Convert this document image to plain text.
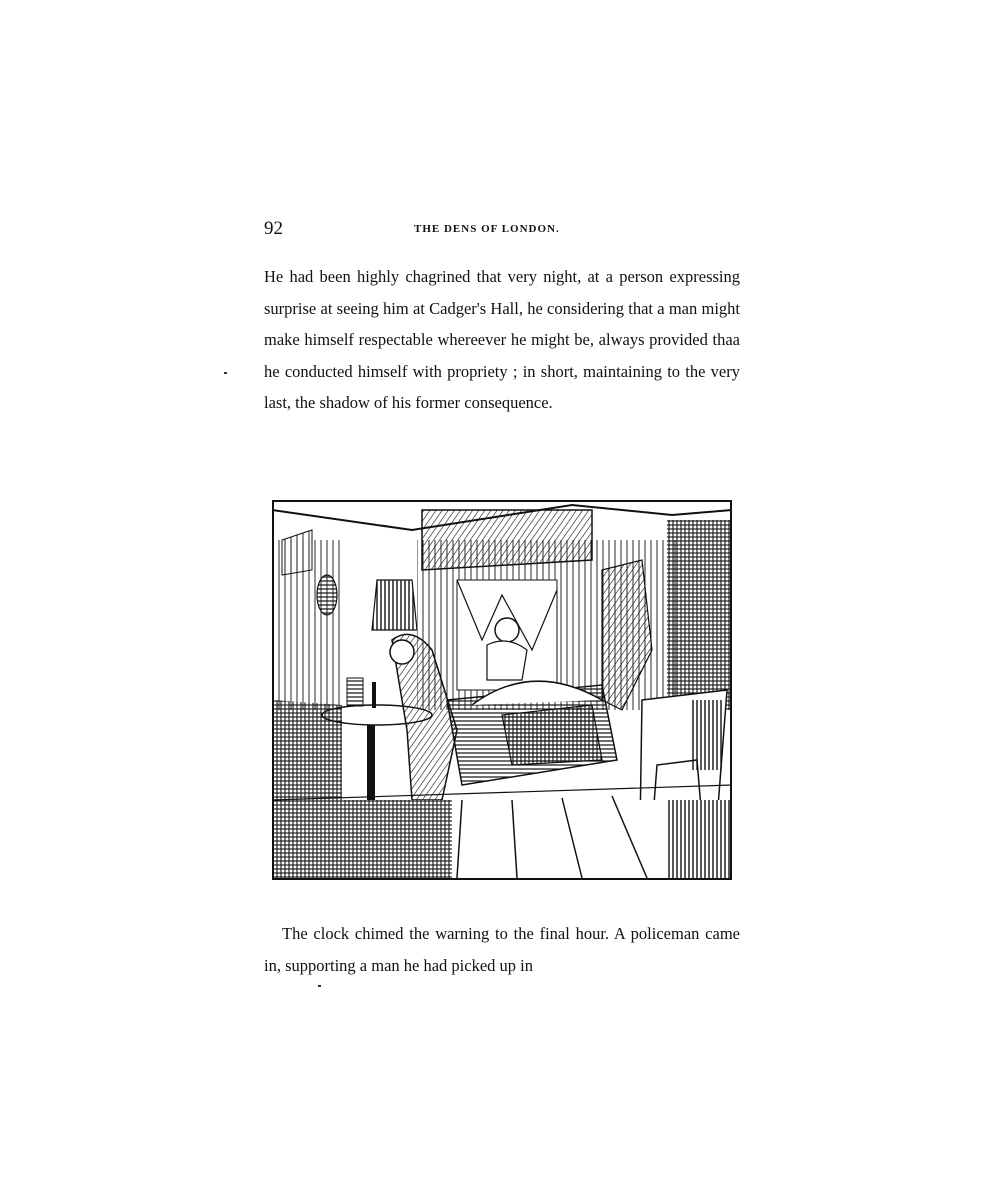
92	THE DENS OF LONDON.

He had been highly chagrined that very night, at a person expressing surprise at seeing him at Cadger's Hall, he considering that a man might make himself respectable whereever he might be, always provided thaa he conducted himself with propriety ; in short, maintaining to the very last, the shadow of his former consequence.

The clock chimed the warning to the final hour. A policeman came in, supporting a man he had picked up in
